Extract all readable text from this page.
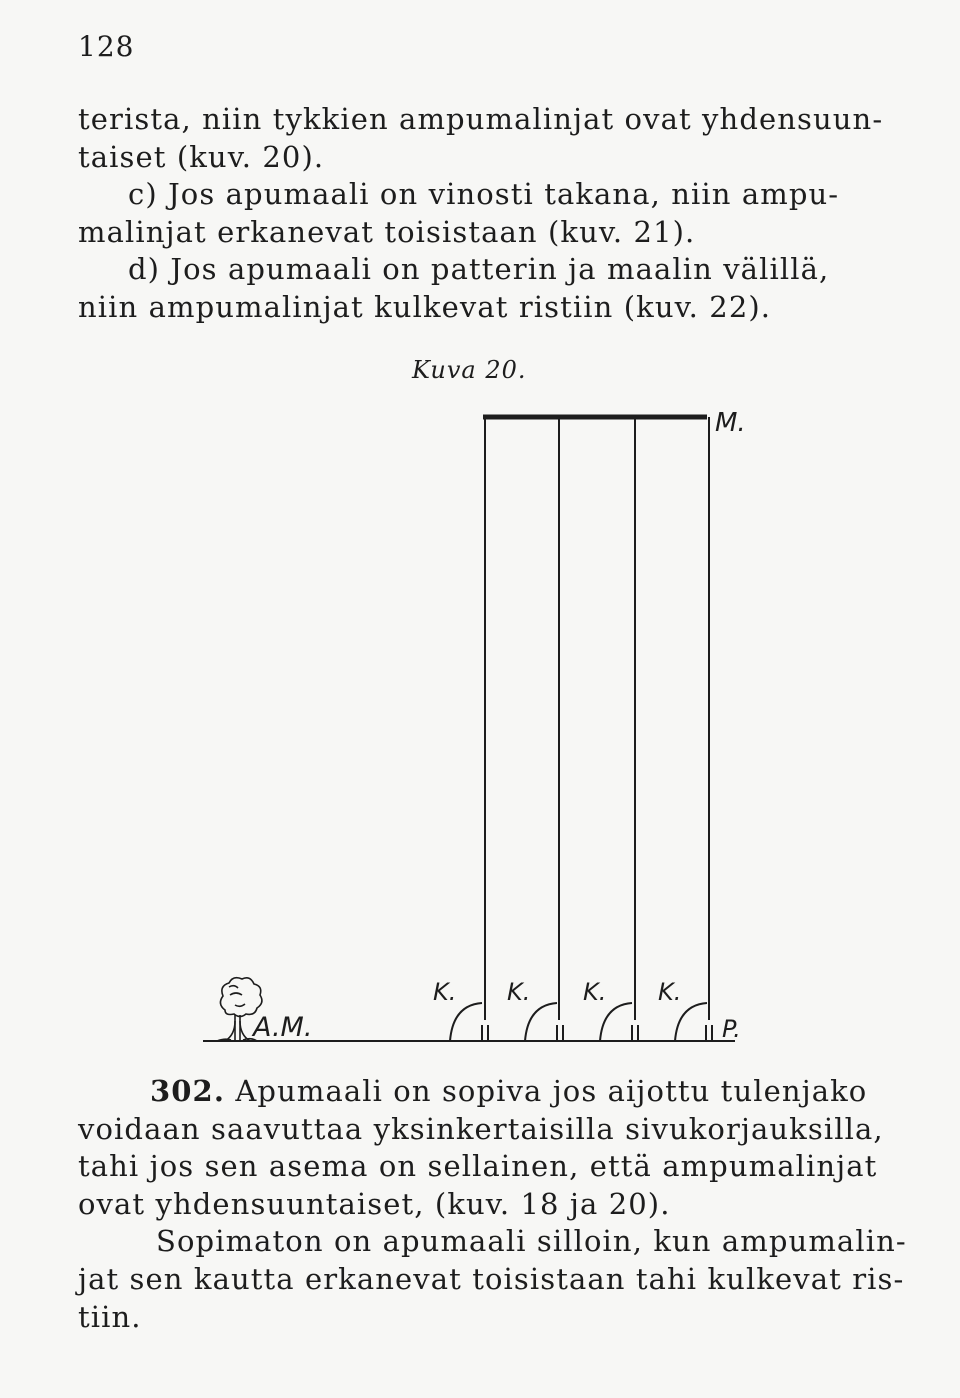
128
terista, niin tykkien ampumalinjat ovat yhdensuun-
taiset (kuv. 20).
c) Jos apumaali on vinosti takana, niin ampu-
malinjat erkanevat toisistaan (kuv. 21).
d) Jos apumaali on patterin ja maalin välillä,
niin ampumalinjat kulkevat ristiin (kuv. 22).
Kuva 20.
M.
A.M.
K. K. K. K.
P.
302. Apumaali on sopiva jos aijottu tulenjako
voidaan saavuttaa yksinkertaisilla sivukorjauksilla,
tahi jos sen asema on sellainen, että ampumalinjat
ovat yhdensuuntaiset, (kuv. 18 ja 20).
Sopimaton on apumaali silloin, kun ampumalin-
jat sen kautta erkanevat toisistaan tahi kulkevat ris-
tiin.
